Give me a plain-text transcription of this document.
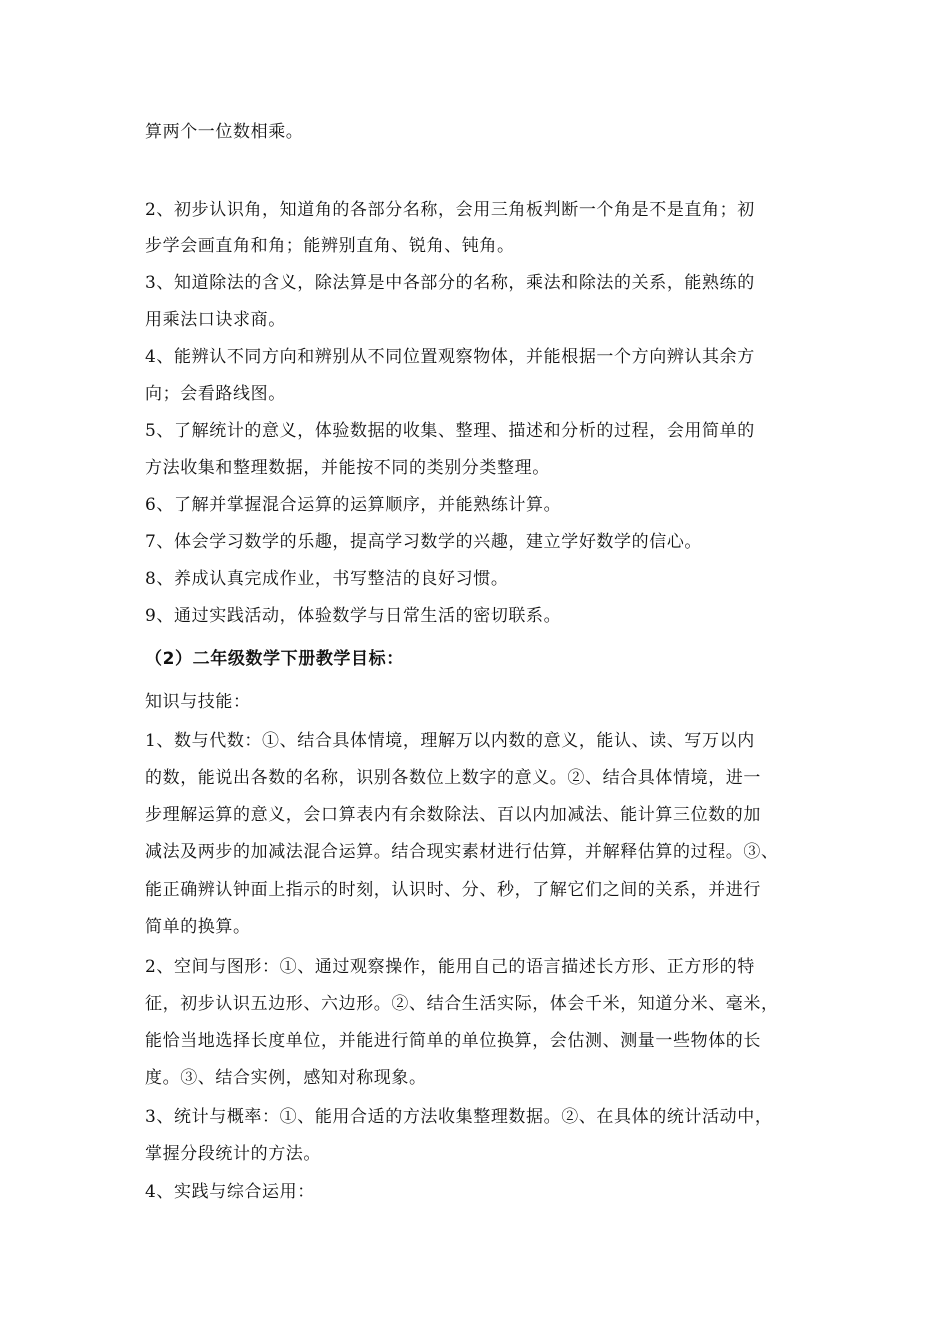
算两个一位数相乘。
2、初步认识角，知道角的各部分名称，会用三角板判断一个角是不是直角；初
步学会画直角和角；能辨别直角、锐角、钝角。
3、知道除法的含义，除法算是中各部分的名称，乘法和除法的关系，能熟练的
用乘法口诀求商。
4、能辨认不同方向和辨别从不同位置观察物体，并能根据一个方向辨认其余方
向；会看路线图。
5、了解统计的意义，体验数据的收集、整理、描述和分析的过程，会用简单的
方法收集和整理数据，并能按不同的类别分类整理。
6、了解并掌握混合运算的运算顺序，并能熟练计算。
7、体会学习数学的乐趣，提高学习数学的兴趣，建立学好数学的信心。
8、养成认真完成作业，书写整洁的良好习惯。
9、通过实践活动，体验数学与日常生活的密切联系。
（2）二年级数学下册教学目标：
知识与技能：
1、数与代数：①、结合具体情境，理解万以内数的意义，能认、读、写万以内
的数，能说出各数的名称，识别各数位上数字的意义。②、结合具体情境，进一
步理解运算的意义，会口算表内有余数除法、百以内加减法、能计算三位数的加
减法及两步的加减法混合运算。结合现实素材进行估算，并解释估算的过程。③、
能正确辨认钟面上指示的时刻，认识时、分、秒，了解它们之间的关系，并进行
简单的换算。
2、空间与图形：①、通过观察操作，能用自己的语言描述长方形、正方形的特
征，初步认识五边形、六边形。②、结合生活实际，体会千米，知道分米、毫米，
能恰当地选择长度单位，并能进行简单的单位换算，会估测、测量一些物体的长
度。③、结合实例，感知对称现象。
3、统计与概率：①、能用合适的方法收集整理数据。②、在具体的统计活动中，
掌握分段统计的方法。
4、实践与综合运用：
